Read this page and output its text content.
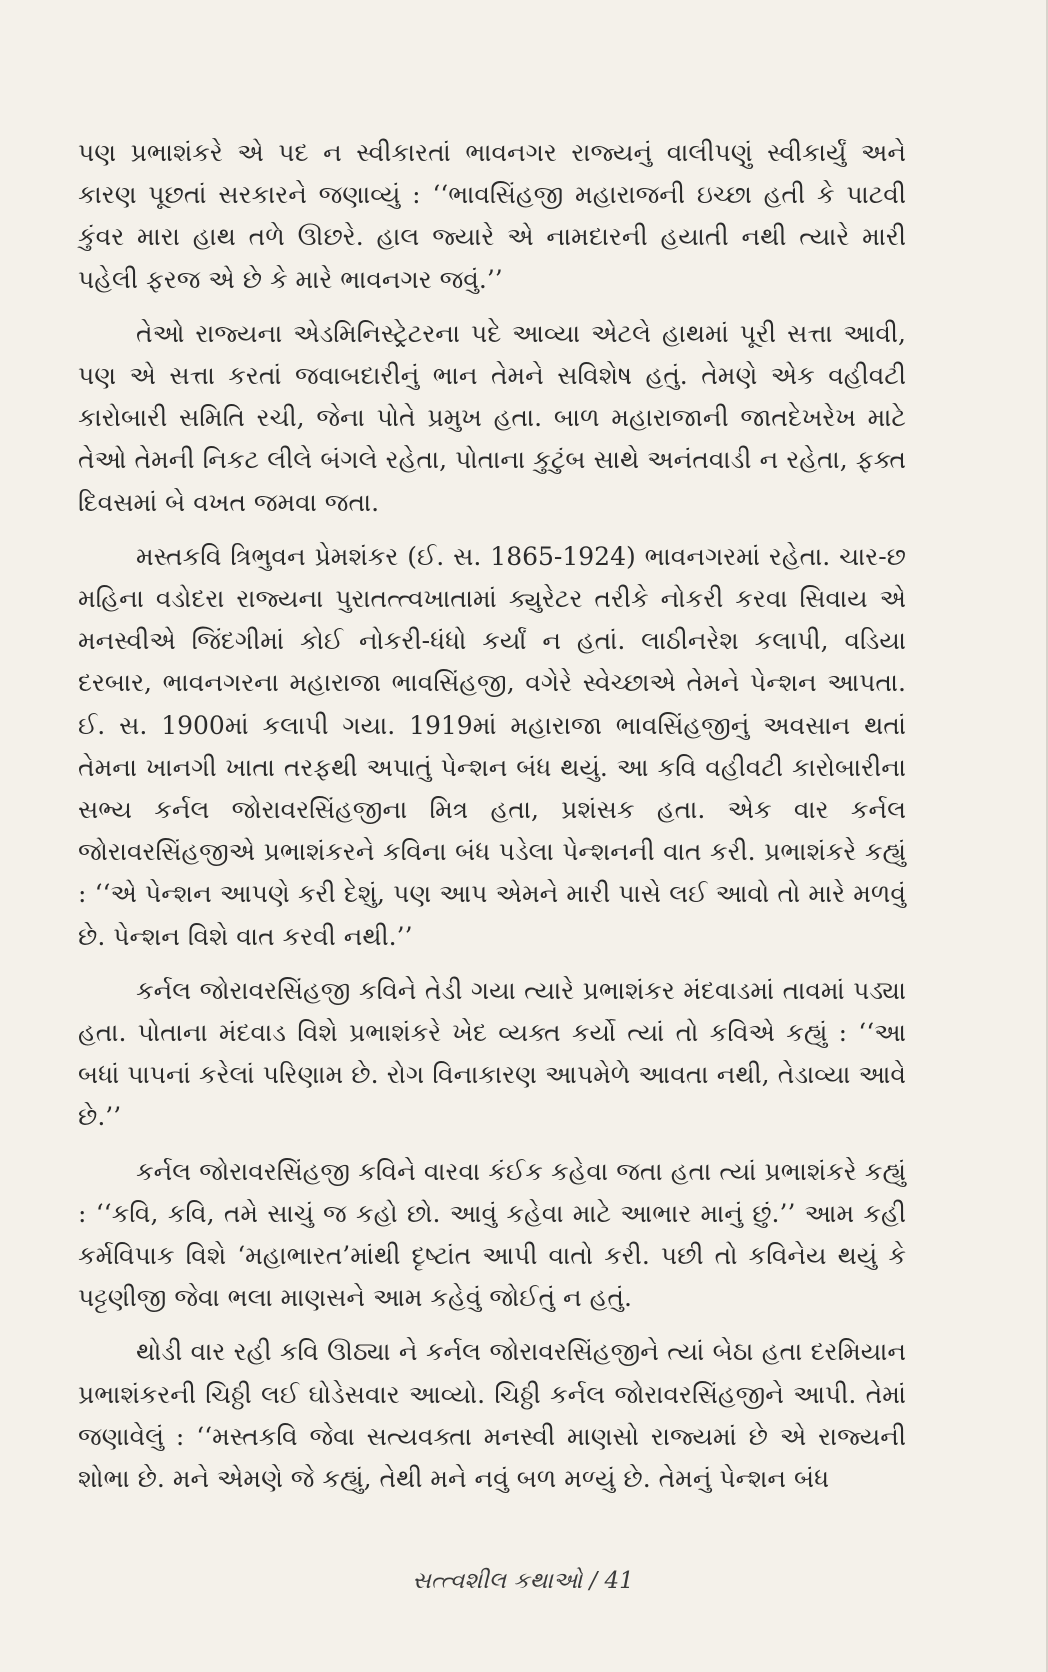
પણ પ્રભાશંકરે એ પદ ન સ્વીકારતાં ભાવનગર રાજ્યનું વાલીપણું સ્વીકાર્યું અને કારણ પૂછતાં સરકારને જણાવ્યું : ‘‘ભાવસિંહજી મહારાજની ઇચ્છા હતી કે પાટવી કુંવર મારા હાથ તળે ઊછરે. હાલ જ્યારે એ નામદારની હયાતી નથી ત્યારે મારી પહેલી ફરજ એ છે કે મારે ભાવનગર જવું.’’

તેઓ રાજ્યના એડમિનિસ્ટ્રેટરના પદે આવ્યા એટલે હાથમાં પૂરી સત્તા આવી, પણ એ સત્તા કરતાં જવાબદારીનું ભાન તેમને સવિશેષ હતું. તેમણે એક વહીવટી કારોબારી સમિતિ રચી, જેના પોતે પ્રમુખ હતા. બાળ મહારાજાની જાતદેખરેખ માટે તેઓ તેમની નિકટ લીલે બંગલે રહેતા, પોતાના કુટુંબ સાથે અનંતવાડી ન રહેતા, ફક્ત દિવસમાં બે વખત જમવા જતા.

મસ્તકવિ ત્રિભુવન પ્રેમશંકર (ઈ. સ. 1865-1924) ભાવનગરમાં રહેતા. ચાર-છ મહિના વડોદરા રાજ્યના પુરાતત્ત્વખાતામાં ક્યુરેટર તરીકે નોકરી કરવા સિવાય એ મનસ્વીએ જિંદગીમાં કોઈ નોકરી-ધંધો કર્યાં ન હતાં. લાઠીનરેશ કલાપી, વડિયા દરબાર, ભાવનગરના મહારાજા ભાવસિંહજી, વગેરે સ્વેચ્છાએ તેમને પેન્શન આપતા. ઈ. સ. 1900માં કલાપી ગયા. 1919માં મહારાજા ભાવસિંહજીનું અવસાન થતાં તેમના ખાનગી ખાતા તરફથી અપાતું પેન્શન બંધ થયું. આ કવિ વહીવટી કારોબારીના સભ્ય કર્નલ જોરાવરસિંહજીના મિત્ર હતા, પ્રશંસક હતા. એક વાર કર્નલ જોરાવરસિંહજીએ પ્રભાશંકરને કવિના બંધ પડેલા પેન્શનની વાત કરી. પ્રભાશંકરે કહ્યું : ‘‘એ પેન્શન આપણે કરી દેશું, પણ આપ એમને મારી પાસે લઈ આવો તો મારે મળવું છે. પેન્શન વિશે વાત કરવી નથી.’’

કર્નલ જોરાવરસિંહજી કવિને તેડી ગયા ત્યારે પ્રભાશંકર મંદવાડમાં તાવમાં પડ્યા હતા. પોતાના મંદવાડ વિશે પ્રભાશંકરે ખેદ વ્યક્ત કર્યો ત્યાં તો કવિએ કહ્યું : ‘‘આ બધાં પાપનાં કરેલાં પરિણામ છે. રોગ વિનાકારણ આપમેળે આવતા નથી, તેડાવ્યા આવે છે.’’

કર્નલ જોરાવરસિંહજી કવિને વારવા કંઈક કહેવા જતા હતા ત્યાં પ્રભાશંકરે કહ્યું : ‘‘કવિ, કવિ, તમે સાચું જ કહો છો. આવું કહેવા માટે આભાર માનું છું.’’ આમ કહી કર્મવિપાક વિશે ‘મહાભારત’માંથી દૃષ્ટાંત આપી વાતો કરી. પછી તો કવિનેય થયું કે પટ્ટણીજી જેવા ભલા માણસને આમ કહેવું જોઈતું ન હતું.

થોડી વાર રહી કવિ ઊઠ્યા ને કર્નલ જોરાવરસિંહજીને ત્યાં બેઠા હતા દરમિયાન પ્રભાશંકરની ચિઠ્ઠી લઈ ઘોડેસવાર આવ્યો. ચિઠ્ઠી કર્નલ જોરાવરસિંહજીને આપી. તેમાં જણાવેલું : ‘‘મસ્તકવિ જેવા સત્યવક્તા મનસ્વી માણસો રાજ્યમાં છે એ રાજ્યની શોભા છે. મને એમણે જે કહ્યું, તેથી મને નવું બળ મળ્યું છે. તેમનું પેન્શન બંધ

સત્ત્વશીલ કથાઓ / 41
